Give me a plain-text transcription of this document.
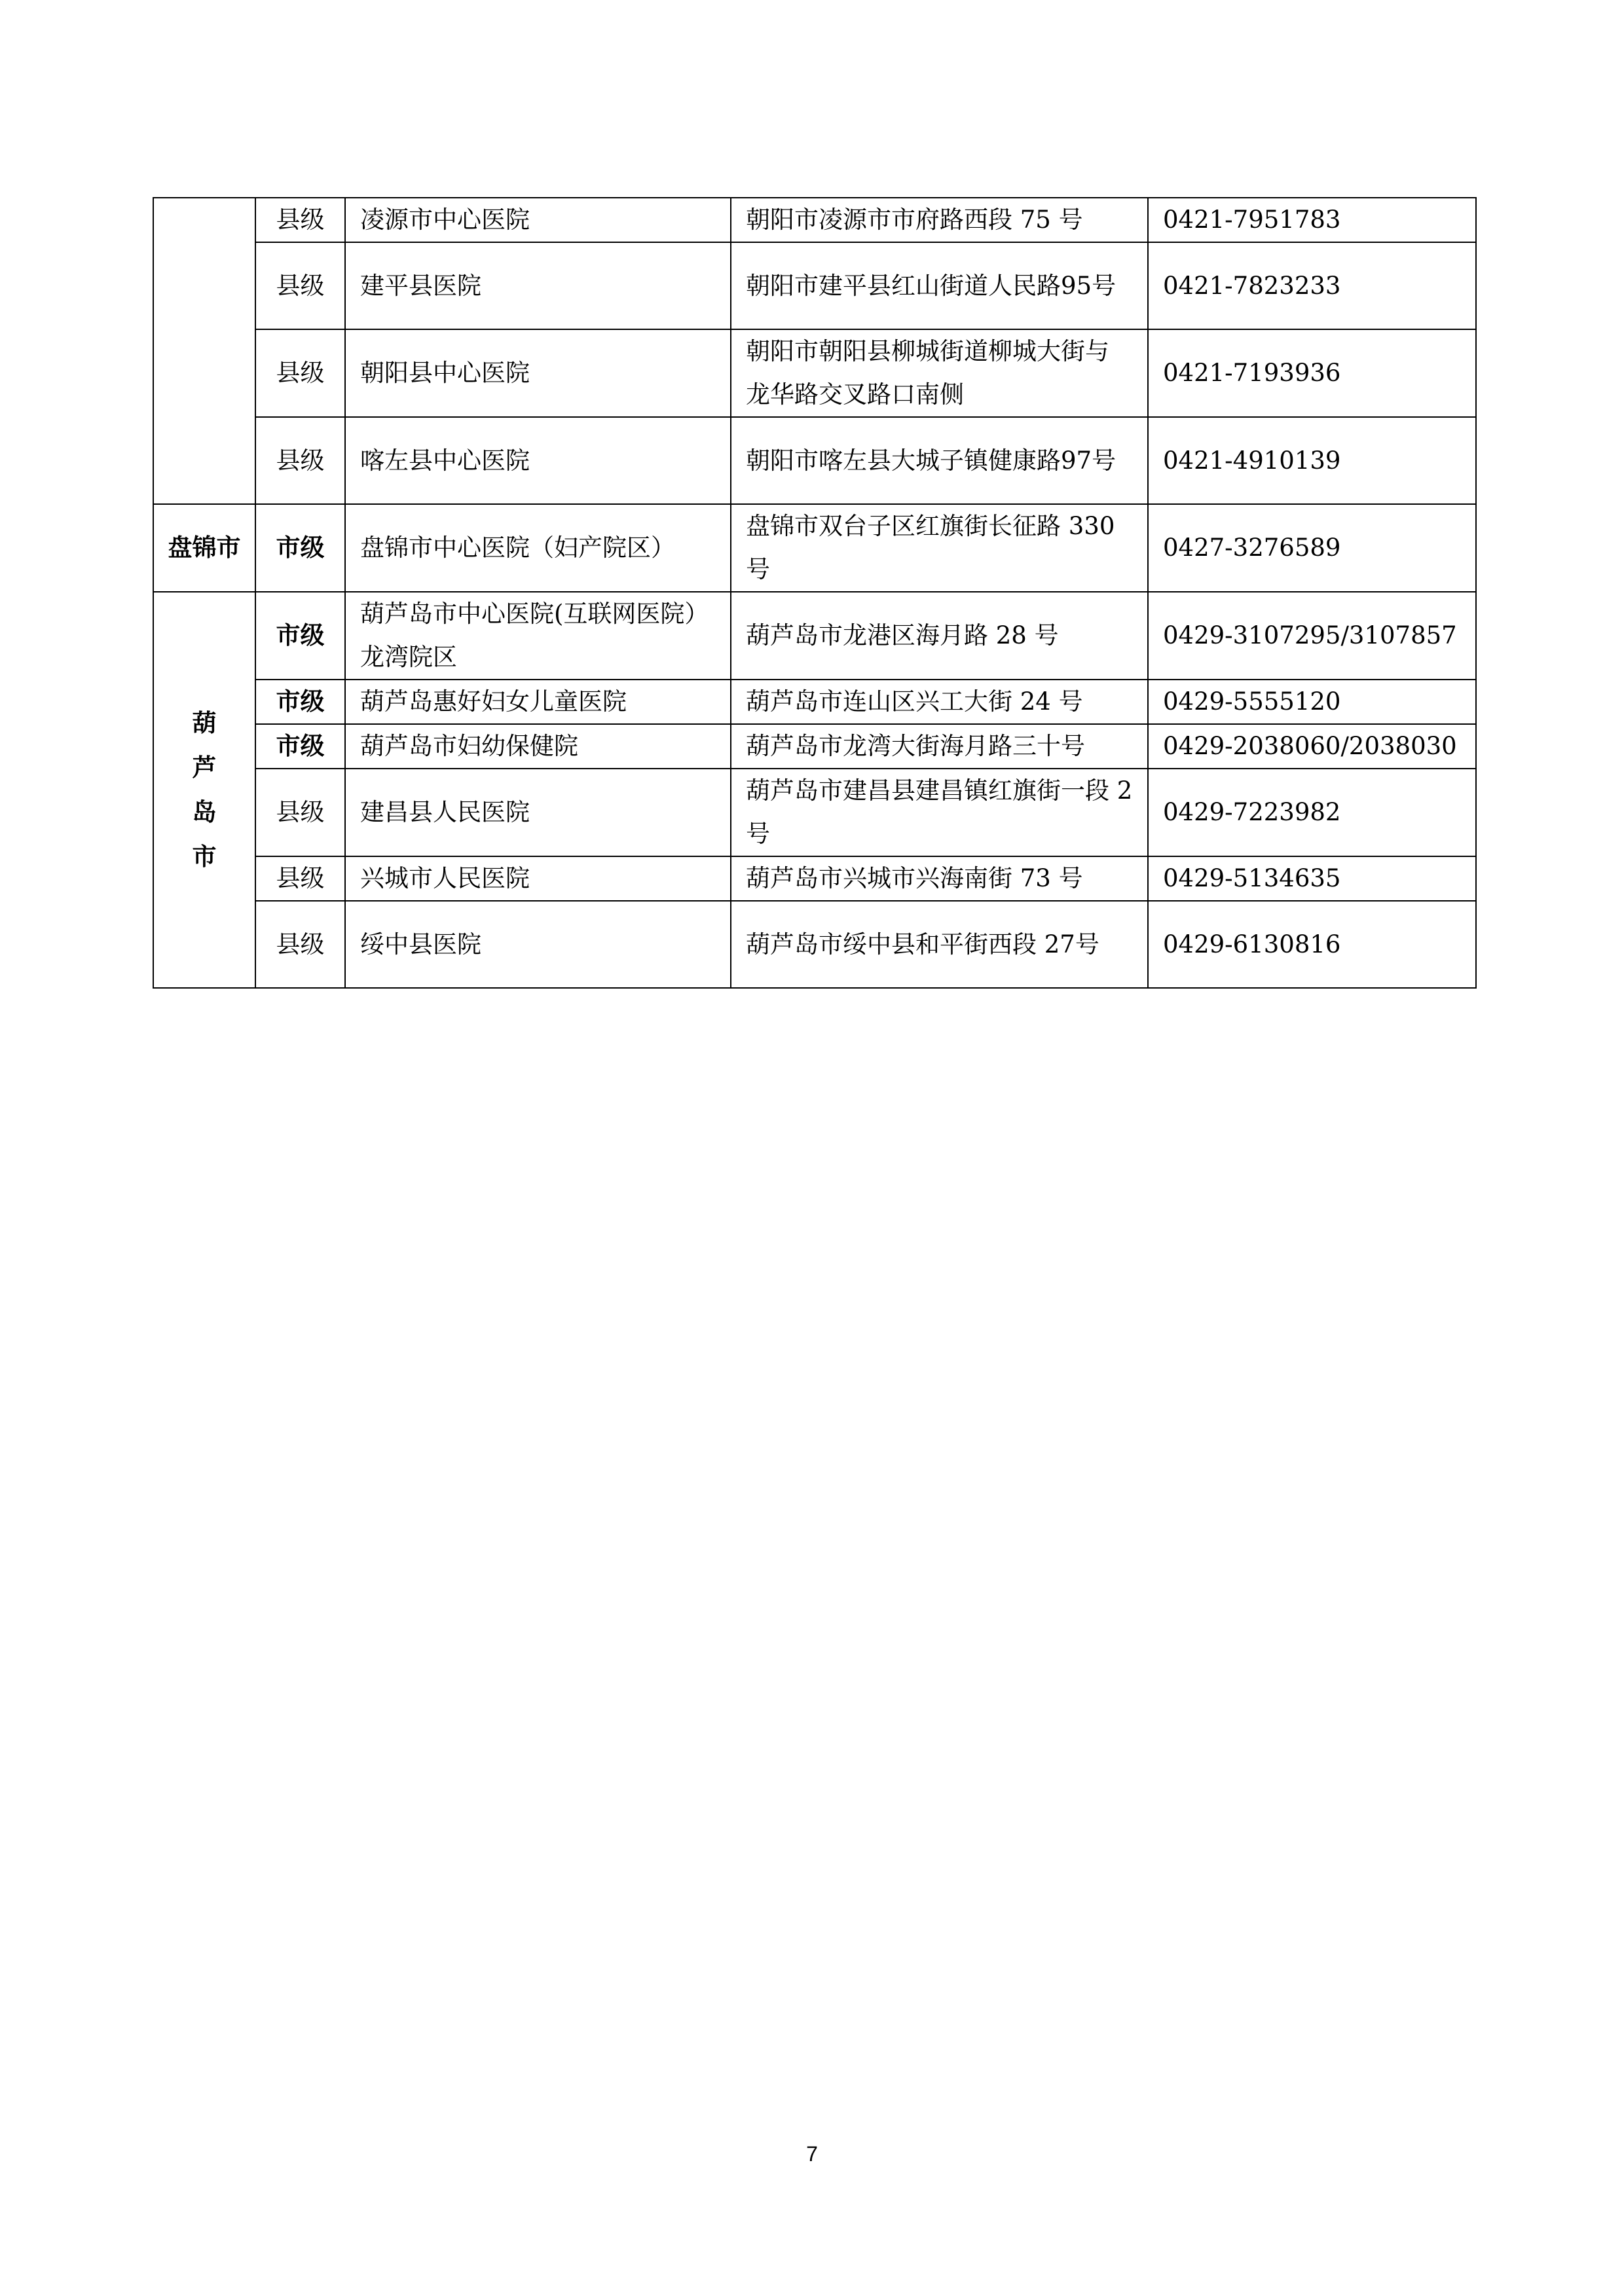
	县级	凌源市中心医院	朝阳市凌源市市府路西段 75 号	0421-7951783
	县级	建平县医院	朝阳市建平县红山街道人民路95号	0421-7823233
	县级	朝阳县中心医院	朝阳市朝阳县柳城街道柳城大街与龙华路交叉路口南侧	0421-7193936
	县级	喀左县中心医院	朝阳市喀左县大城子镇健康路97号	0421-4910139
盘锦市	市级	盘锦市中心医院（妇产院区）	盘锦市双台子区红旗街长征路 330 号	0427-3276589

葫
芦
岛
市	市级	葫芦岛市中心医院(互联网医院）龙湾院区	葫芦岛市龙港区海月路 28 号	0429-3107295/3107857
	市级	葫芦岛惠好妇女儿童医院	葫芦岛市连山区兴工大街 24 号	0429-5555120
	市级	葫芦岛市妇幼保健院	葫芦岛市龙湾大街海月路三十号	0429-2038060/2038030
	县级	建昌县人民医院	葫芦岛市建昌县建昌镇红旗街一段 2 号	0429-7223982
	县级	兴城市人民医院	葫芦岛市兴城市兴海南街 73 号	0429-5134635
	县级	绥中县医院	葫芦岛市绥中县和平街西段 27号	0429-6130816
7
